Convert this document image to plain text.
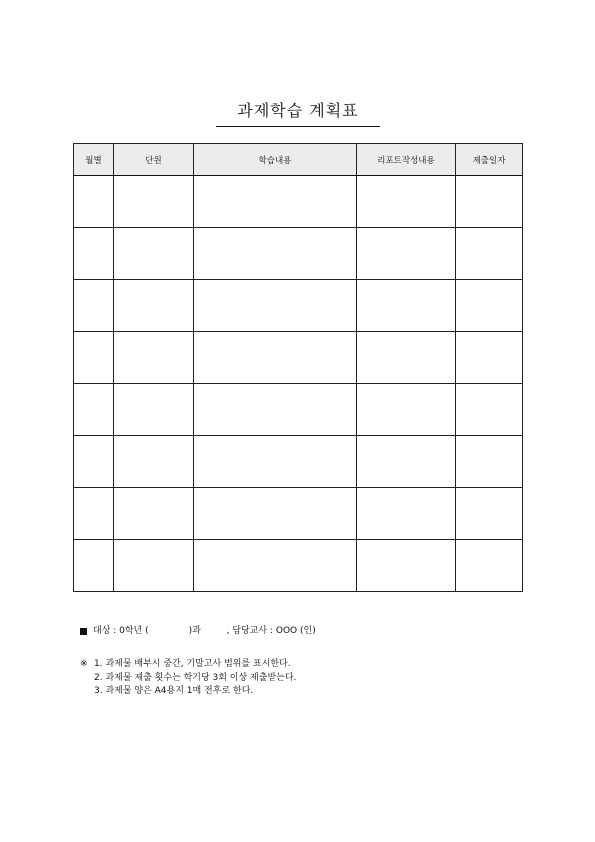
과제학습 계획표
월별	단원	학습내용	리포트작성내용	제출일자

대상 : 0학년 (              )과         , 담당교사 : OOO (인)
※ 1. 과제물 배부시 중간, 기말고사 범위를 표시한다.
2. 과제물 제출 횟수는 학기당 3회 이상 제출받는다.
3. 과제물 양은 A4용지 1매 전후로 한다.
